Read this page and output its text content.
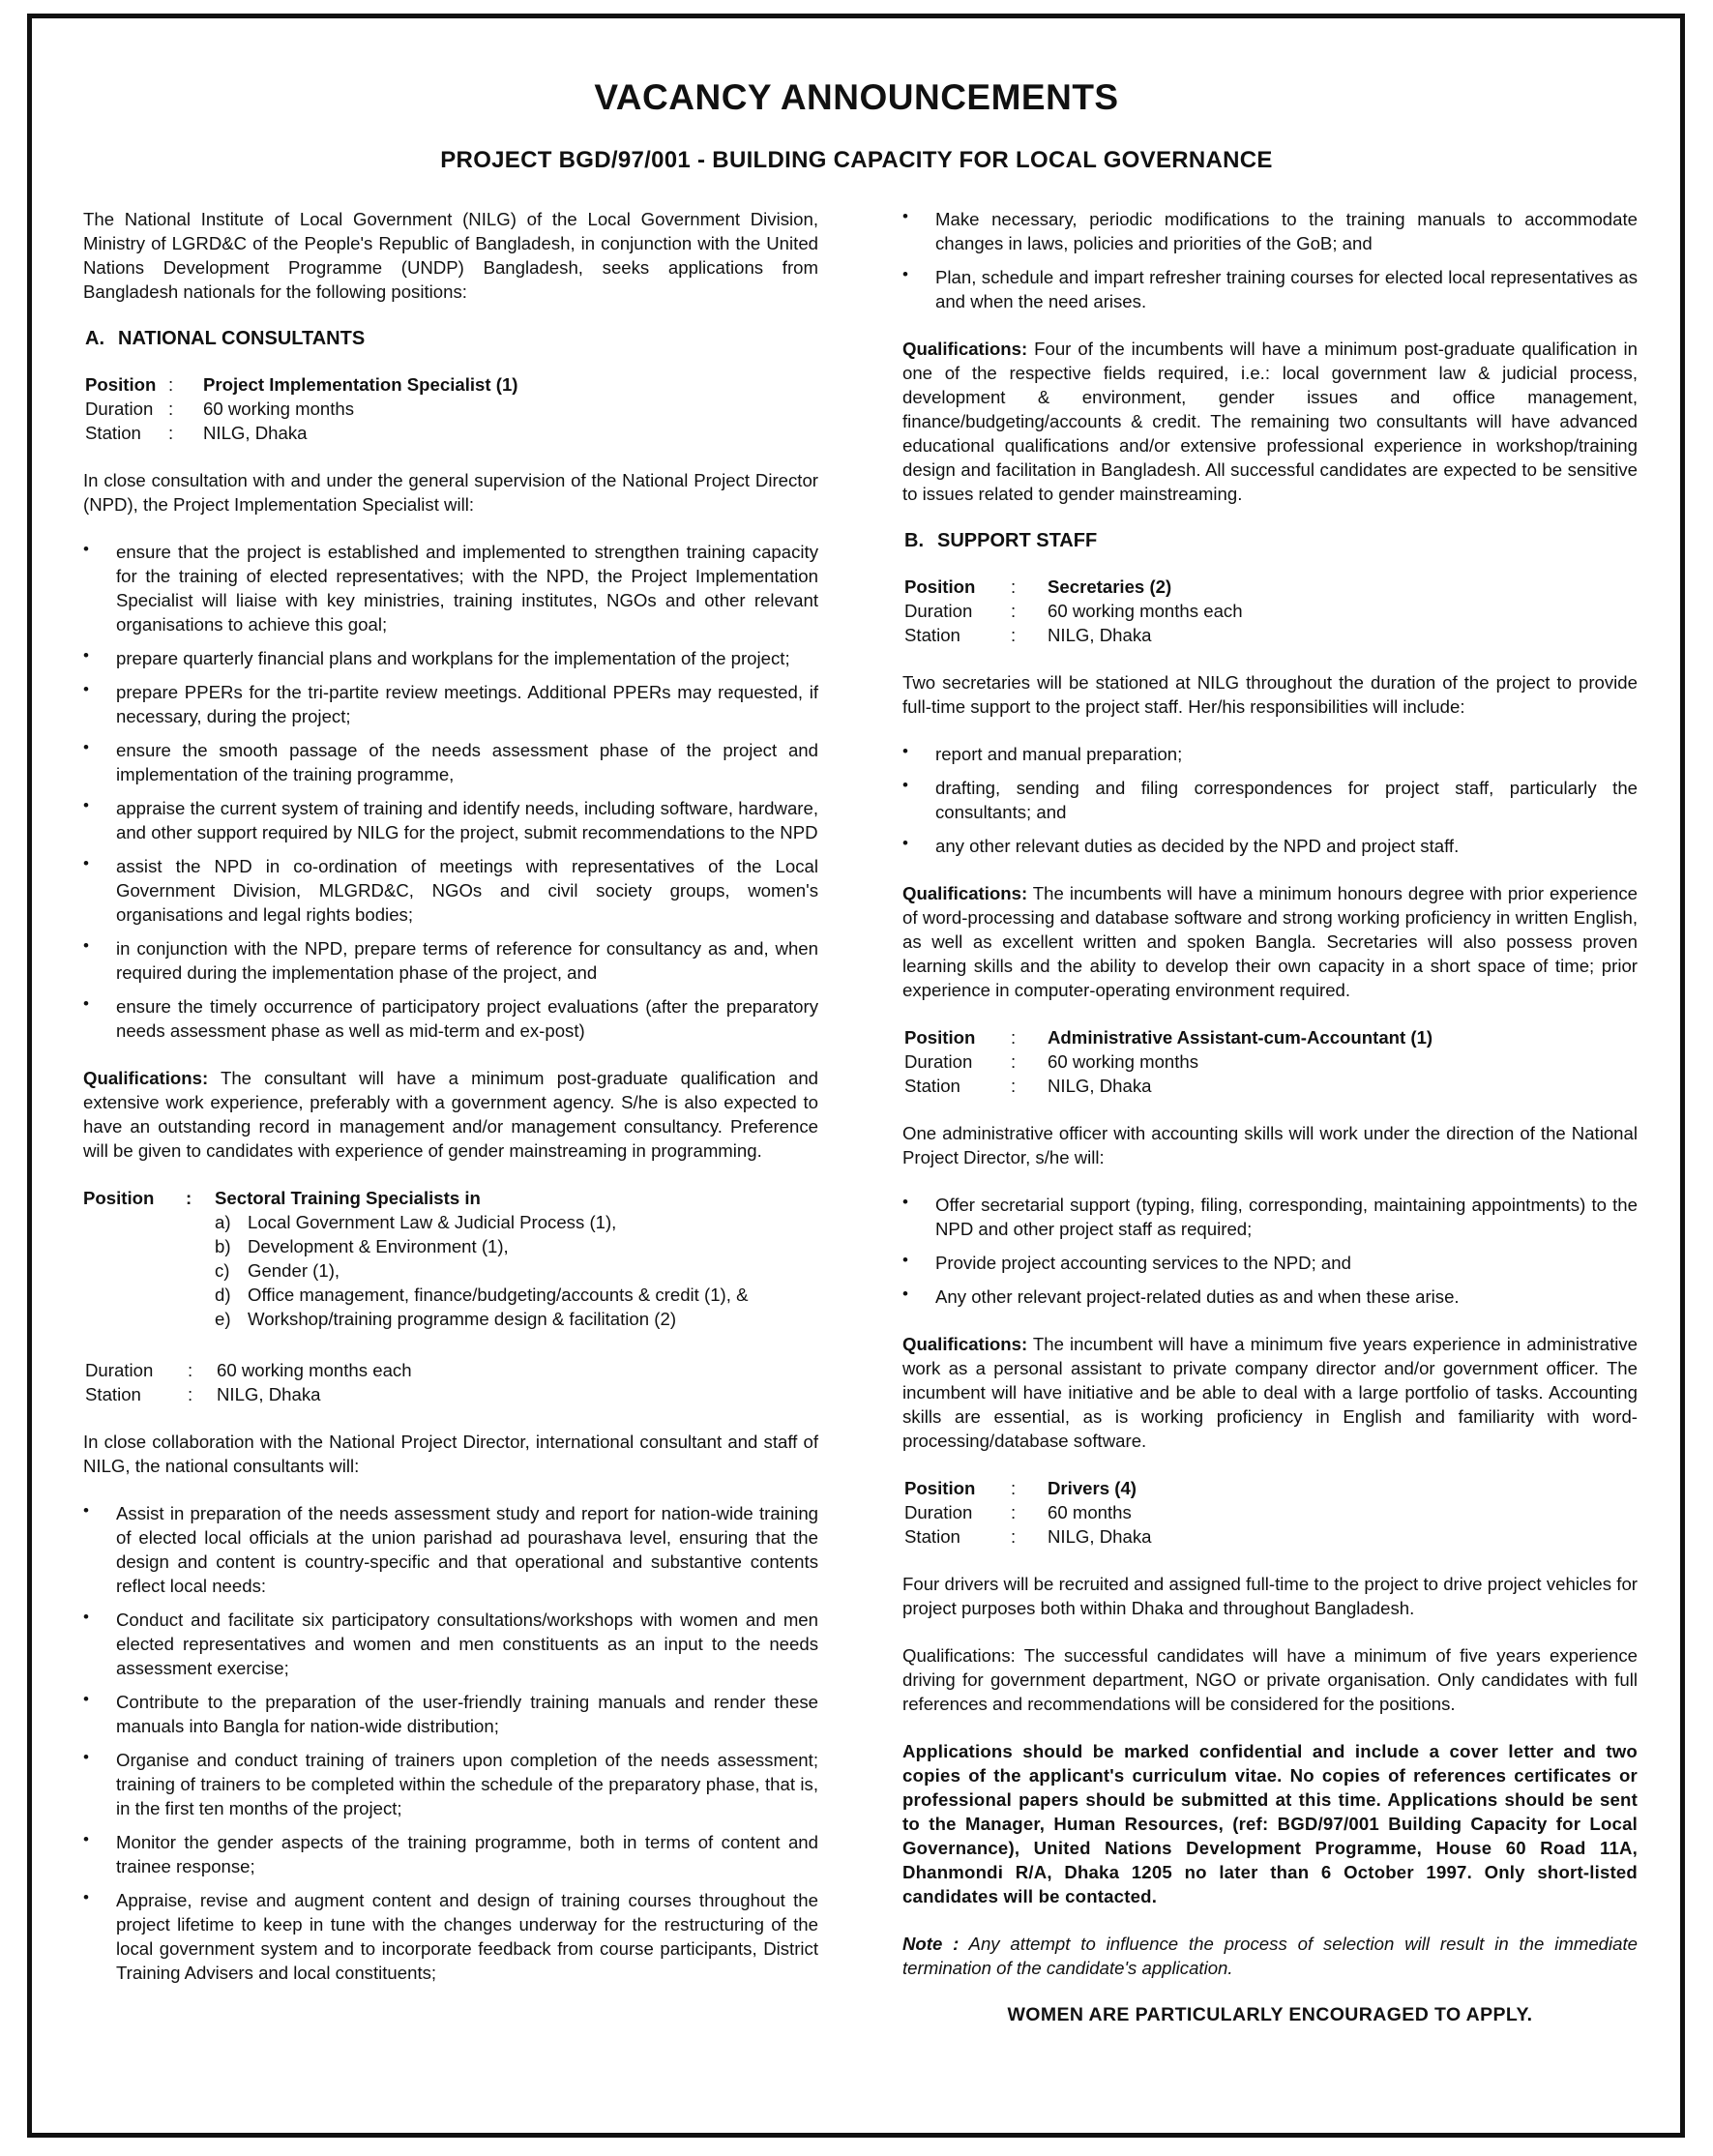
VACANCY ANNOUNCEMENTS
PROJECT BGD/97/001 - BUILDING CAPACITY FOR LOCAL GOVERNANCE

The National Institute of Local Government (NILG) of the Local Government Division, Ministry of LGRD&C of the People's Republic of Bangladesh, in conjunction with the United Nations Development Programme (UNDP) Bangladesh, seeks applications from Bangladesh nationals for the following positions:

A. NATIONAL CONSULTANTS
Position :	Project Implementation Specialist (1)
Duration :	60 working months
Station	:	NILG, Dhaka

In close consultation with and under the general supervision of the National Project Director (NPD), the Project Implementation Specialist will:

• ensure that the project is established and implemented to strengthen training capacity for the training of elected representatives; with the NPD, the Project Implementation Specialist will liaise with key ministries, training institutes, NGOs and other relevant organisations to achieve this goal;
• prepare quarterly financial plans and workplans for the implementation of the project;
• prepare PPERs for the tri-partite review meetings. Additional PPERs may requested, if necessary, during the project;
• ensure the smooth passage of the needs assessment phase of the project and implementation of the training programme,
• appraise the current system of training and identify needs, including software, hardware, and other support required by NILG for the project, submit recommendations to the NPD
• assist the NPD in co-ordination of meetings with representatives of the Local Government Division, MLGRD&C, NGOs and civil society groups, women's organisations and legal rights bodies;
• in conjunction with the NPD, prepare terms of reference for consultancy as and, when required during the implementation phase of the project, and
• ensure the timely occurrence of participatory project evaluations (after the preparatory needs assessment phase as well as mid-term and ex-post)

Qualifications: The consultant will have a minimum post-graduate qualification and extensive work experience, preferably with a government agency. S/he is also expected to have an outstanding record in management and/or management consultancy. Preference will be given to candidates with experience of gender mainstreaming in programming.

Position	:	Sectoral Training Specialists in
a) Local Government Law & Judicial Process (1),
b) Development & Environment (1),
c) Gender (1),
d) Office management, finance/budgeting/accounts & credit (1), &
e) Workshop/training programme design & facilitation (2)
Duration	:	60 working months each
Station	:	NILG, Dhaka

In close collaboration with the National Project Director, international consultant and staff of NILG, the national consultants will:

• Assist in preparation of the needs assessment study and report for nation-wide training of elected local officials at the union parishad ad pourashava level, ensuring that the design and content is country-specific and that operational and substantive contents reflect local needs:
• Conduct and facilitate six participatory consultations/workshops with women and men elected representatives and women and men constituents as an input to the needs assessment exercise;
• Contribute to the preparation of the user-friendly training manuals and render these manuals into Bangla for nation-wide distribution;
• Organise and conduct training of trainers upon completion of the needs assessment; training of trainers to be completed within the schedule of the preparatory phase, that is, in the first ten months of the project;
• Monitor the gender aspects of the training programme, both in terms of content and trainee response;
• Appraise, revise and augment content and design of training courses throughout the project lifetime to keep in tune with the changes underway for the restructuring of the local government system and to incorporate feedback from course participants, District Training Advisers and local constituents;
• Make necessary, periodic modifications to the training manuals to accommodate changes in laws, policies and priorities of the GoB; and
• Plan, schedule and impart refresher training courses for elected local representatives as and when the need arises.

Qualifications: Four of the incumbents will have a minimum post-graduate qualification in one of the respective fields required, i.e.: local government law & judicial process, development & environment, gender issues and office management, finance/budgeting/accounts & credit. The remaining two consultants will have advanced educational qualifications and/or extensive professional experience in workshop/training design and facilitation in Bangladesh. All successful candidates are expected to be sensitive to issues related to gender mainstreaming.

B. SUPPORT STAFF
Position	:	Secretaries (2)
Duration	:	60 working months each
Station	:	NILG, Dhaka

Two secretaries will be stationed at NILG throughout the duration of the project to provide full-time support to the project staff. Her/his responsibilities will include:

• report and manual preparation;
• drafting, sending and filing correspondences for project staff, particularly the consultants; and
• any other relevant duties as decided by the NPD and project staff.

Qualifications: The incumbents will have a minimum honours degree with prior experience of word-processing and database software and strong working proficiency in written English, as well as excellent written and spoken Bangla. Secretaries will also possess proven learning skills and the ability to develop their own capacity in a short space of time; prior experience in computer-operating environment required.

Position	:	Administrative Assistant-cum-Accountant (1)
Duration	:	60 working months
Station	:	NILG, Dhaka

One administrative officer with accounting skills will work under the direction of the National Project Director, s/he will:

• Offer secretarial support (typing, filing, corresponding, maintaining appointments) to the NPD and other project staff as required;
• Provide project accounting services to the NPD; and
• Any other relevant project-related duties as and when these arise.

Qualifications: The incumbent will have a minimum five years experience in administrative work as a personal assistant to private company director and/or government officer. The incumbent will have initiative and be able to deal with a large portfolio of tasks. Accounting skills are essential, as is working proficiency in English and familiarity with word-processing/database software.

Position	:	Drivers (4)
Duration	:	60 months
Station	:	NILG, Dhaka

Four drivers will be recruited and assigned full-time to the project to drive project vehicles for project purposes both within Dhaka and throughout Bangladesh.

Qualifications: The successful candidates will have a minimum of five years experience driving for government department, NGO or private organisation. Only candidates with full references and recommendations will be considered for the positions.

Applications should be marked confidential and include a cover letter and two copies of the applicant's curriculum vitae. No copies of references certificates or professional papers should be submitted at this time. Applications should be sent to the Manager, Human Resources, (ref: BGD/97/001 Building Capacity for Local Governance), United Nations Development Programme, House 60 Road 11A, Dhanmondi R/A, Dhaka 1205 no later than 6 October 1997. Only short-listed candidates will be contacted.

Note : Any attempt to influence the process of selection will result in the immediate termination of the candidate's application.

WOMEN ARE PARTICULARLY ENCOURAGED TO APPLY.
